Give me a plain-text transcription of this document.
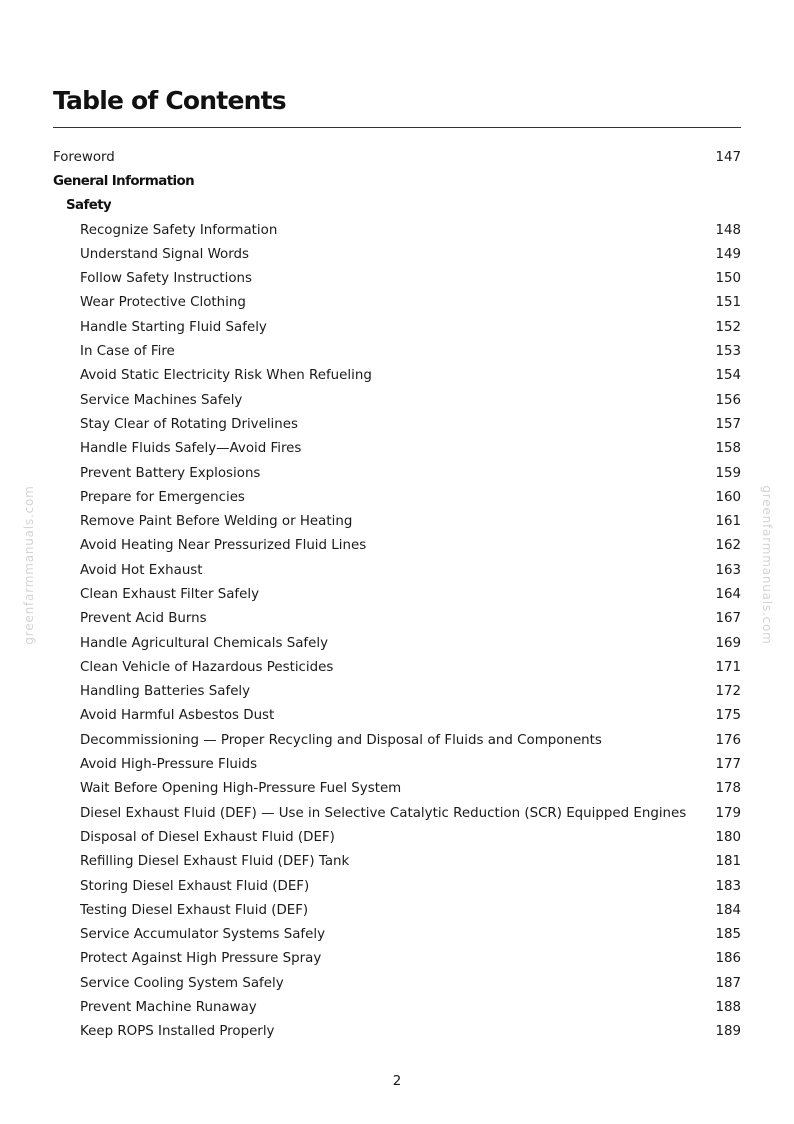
Table of Contents
Foreword	147
General Information
Safety
Recognize Safety Information	148
Understand Signal Words	149
Follow Safety Instructions	150
Wear Protective Clothing	151
Handle Starting Fluid Safely	152
In Case of Fire	153
Avoid Static Electricity Risk When Refueling	154
Service Machines Safely	156
Stay Clear of Rotating Drivelines	157
Handle Fluids Safely—Avoid Fires	158
Prevent Battery Explosions	159
Prepare for Emergencies	160
Remove Paint Before Welding or Heating	161
Avoid Heating Near Pressurized Fluid Lines	162
Avoid Hot Exhaust	163
Clean Exhaust Filter Safely	164
Prevent Acid Burns	167
Handle Agricultural Chemicals Safely	169
Clean Vehicle of Hazardous Pesticides	171
Handling Batteries Safely	172
Avoid Harmful Asbestos Dust	175
Decommissioning — Proper Recycling and Disposal of Fluids and Components	176
Avoid High-Pressure Fluids	177
Wait Before Opening High-Pressure Fuel System	178
Diesel Exhaust Fluid (DEF) — Use in Selective Catalytic Reduction (SCR) Equipped Engines	179
Disposal of Diesel Exhaust Fluid (DEF)	180
Refilling Diesel Exhaust Fluid (DEF) Tank	181
Storing Diesel Exhaust Fluid (DEF)	183
Testing Diesel Exhaust Fluid (DEF)	184
Service Accumulator Systems Safely	185
Protect Against High Pressure Spray	186
Service Cooling System Safely	187
Prevent Machine Runaway	188
Keep ROPS Installed Properly	189
greenfarmmanuals.com	greenfarmmanuals.com
2
